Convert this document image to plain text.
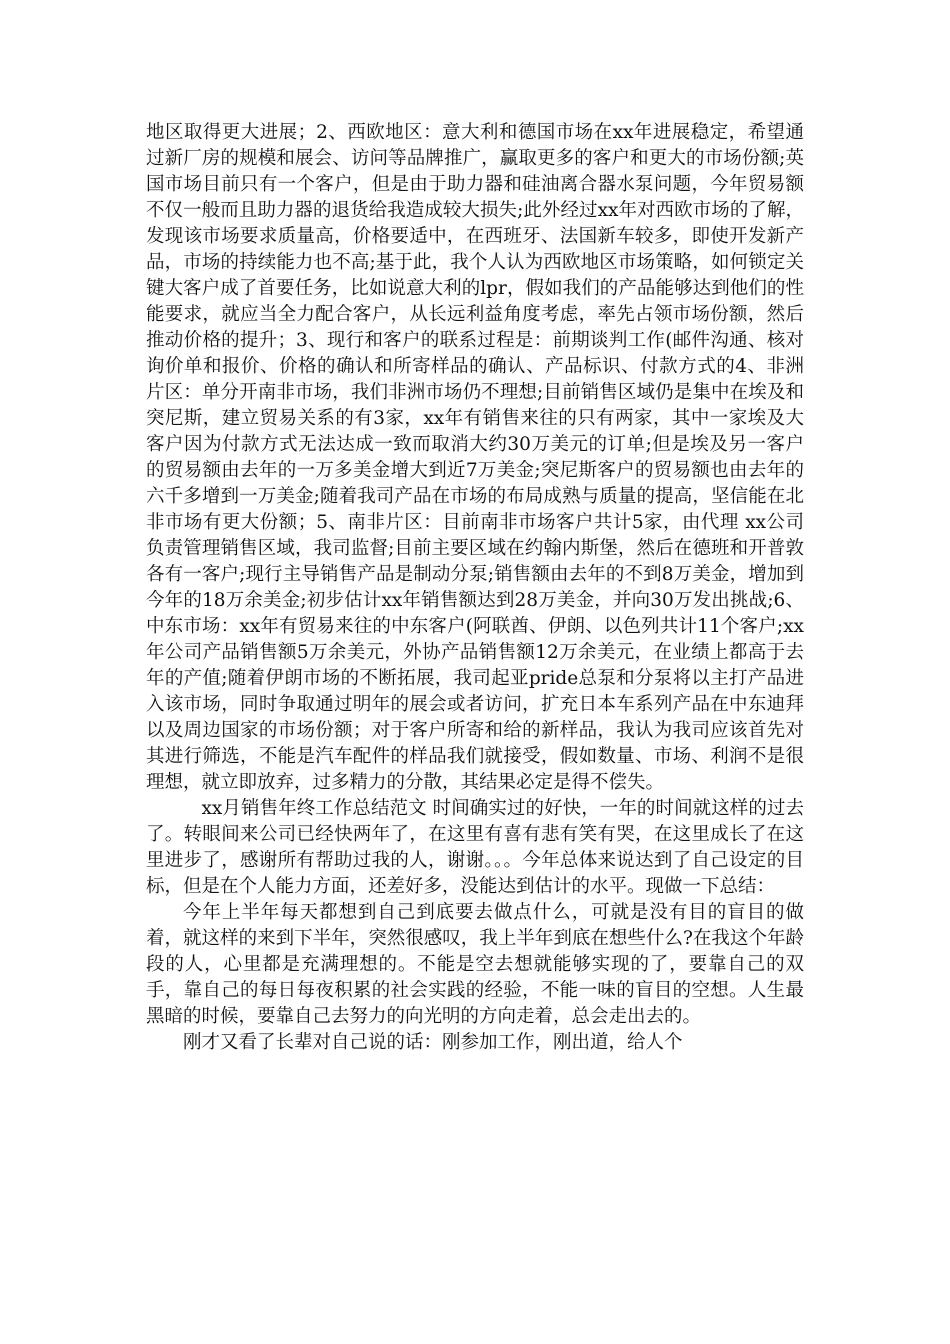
地区取得更大进展；2、西欧地区：意大利和德国市场在xx年进展稳定，希望通过新厂房的规模和展会、访问等品牌推广，赢取更多的客户和更大的市场份额;英国市场目前只有一个客户，但是由于助力器和硅油离合器水泵问题，今年贸易额不仅一般而且助力器的退货给我造成较大损失;此外经过xx年对西欧市场的了解，发现该市场要求质量高，价格要适中，在西班牙、法国新车较多，即使开发新产品，市场的持续能力也不高;基于此，我个人认为西欧地区市场策略，如何锁定关键大客户成了首要任务，比如说意大利的lpr，假如我们的产品能够达到他们的性能要求，就应当全力配合客户，从长远利益角度考虑，率先占领市场份额，然后推动价格的提升；3、现行和客户的联系过程是：前期谈判工作(邮件沟通、核对询价单和报价、价格的确认和所寄样品的确认、产品标识、付款方式的4、非洲片区：单分开南非市场，我们非洲市场仍不理想;目前销售区域仍是集中在埃及和突尼斯，建立贸易关系的有3家，xx年有销售来往的只有两家，其中一家埃及大客户因为付款方式无法达成一致而取消大约30万美元的订单;但是埃及另一客户的贸易额由去年的一万多美金增大到近7万美金;突尼斯客户的贸易额也由去年的六千多增到一万美金;随着我司产品在市场的布局成熟与质量的提高，坚信能在北非市场有更大份额；5、南非片区：目前南非市场客户共计5家，由代理 xx公司负责管理销售区域，我司监督;目前主要区域在约翰内斯堡，然后在德班和开普敦各有一客户;现行主导销售产品是制动分泵;销售额由去年的不到8万美金，增加到今年的18万余美金;初步估计xx年销售额达到28万美金，并向30万发出挑战;6、中东市场：xx年有贸易来往的中东客户(阿联酋、伊朗、以色列共计11个客户;xx年公司产品销售额5万余美元，外协产品销售额12万余美元，在业绩上都高于去年的产值;随着伊朗市场的不断拓展，我司起亚pride总泵和分泵将以主打产品进入该市场，同时争取通过明年的展会或者访问，扩充日本车系列产品在中东迪拜以及周边国家的市场份额；对于客户所寄和给的新样品，我认为我司应该首先对其进行筛选，不能是汽车配件的样品我们就接受，假如数量、市场、利润不是很理想，就立即放弃，过多精力的分散，其结果必定是得不偿失。

xx月销售年终工作总结范文 时间确实过的好快，一年的时间就这样的过去了。转眼间来公司已经快两年了，在这里有喜有悲有笑有哭，在这里成长了在这里进步了，感谢所有帮助过我的人，谢谢。。。今年总体来说达到了自己设定的目标，但是在个人能力方面，还差好多，没能达到估计的水平。现做一下总结：

今年上半年每天都想到自己到底要去做点什么，可就是没有目的盲目的做着，就这样的来到下半年，突然很感叹，我上半年到底在想些什么?在我这个年龄段的人，心里都是充满理想的。不能是空去想就能够实现的了，要靠自己的双手，靠自己的每日每夜积累的社会实践的经验，不能一味的盲目的空想。人生最黑暗的时候，要靠自己去努力的向光明的方向走着，总会走出去的。

刚才又看了长辈对自己说的话：刚参加工作，刚出道，给人个
